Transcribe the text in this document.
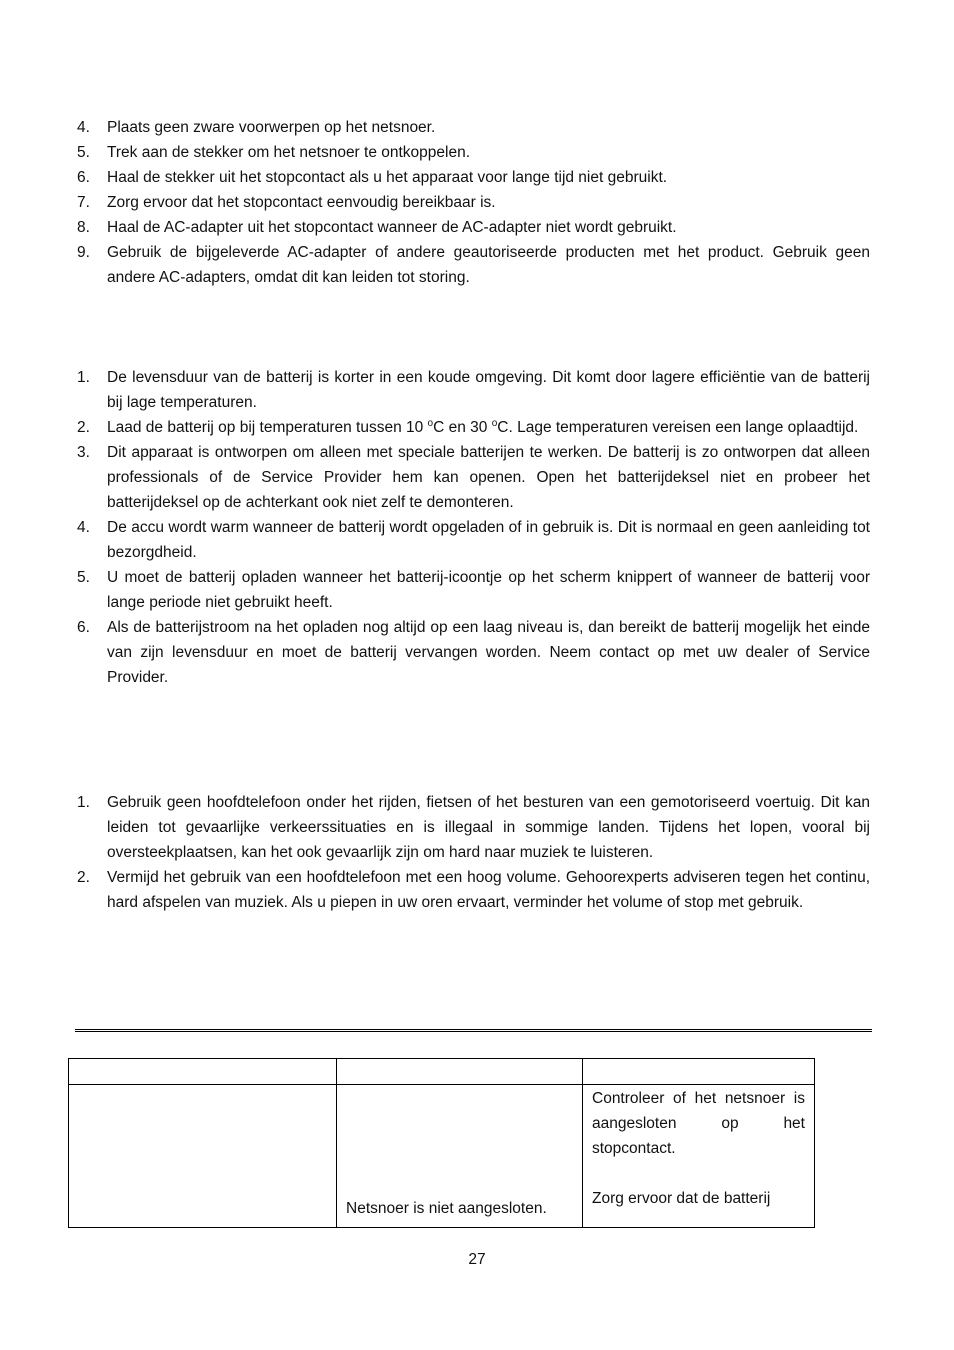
4. Plaats geen zware voorwerpen op het netsnoer.
5. Trek aan de stekker om het netsnoer te ontkoppelen.
6. Haal de stekker uit het stopcontact als u het apparaat voor lange tijd niet gebruikt.
7. Zorg ervoor dat het stopcontact eenvoudig bereikbaar is.
8. Haal de AC-adapter uit het stopcontact wanneer de AC-adapter niet wordt gebruikt.
9. Gebruik de bijgeleverde AC-adapter of andere geautoriseerde producten met het product. Gebruik geen andere AC-adapters, omdat dit kan leiden tot storing.
1. De levensduur van de batterij is korter in een koude omgeving. Dit komt door lagere efficiëntie van de batterij bij lage temperaturen.
2. Laad de batterij op bij temperaturen tussen 10 $^o$C en 30 $^o$C. Lage temperaturen vereisen een lange oplaadtijd.
3. Dit apparaat is ontworpen om alleen met speciale batterijen te werken. De batterij is zo ontworpen dat alleen professionals of de Service Provider hem kan openen. Open het batterijdeksel niet en probeer het batterijdeksel op de achterkant ook niet zelf te demonteren.
4. De accu wordt warm wanneer de batterij wordt opgeladen of in gebruik is. Dit is normaal en geen aanleiding tot bezorgdheid.
5. U moet de batterij opladen wanneer het batterij-icoontje op het scherm knippert of wanneer de batterij voor lange periode niet gebruikt heeft.
6. Als de batterijstroom na het opladen nog altijd op een laag niveau is, dan bereikt de batterij mogelijk het einde van zijn levensduur en moet de batterij vervangen worden. Neem contact op met uw dealer of Service Provider.
1. Gebruik geen hoofdtelefoon onder het rijden, fietsen of het besturen van een gemotoriseerd voertuig. Dit kan leiden tot gevaarlijke verkeerssituaties en is illegaal in sommige landen. Tijdens het lopen, vooral bij oversteekplaatsen, kan het ook gevaarlijk zijn om hard naar muziek te luisteren.
2. Vermijd het gebruik van een hoofdtelefoon met een hoog volume. Gehoorexperts adviseren tegen het continu, hard afspelen van muziek. Als u piepen in uw oren ervaart, verminder het volume of stop met gebruik.

	Netsnoer is niet aangesloten.	Controleer of het netsnoer is aangesloten op het stopcontact.
Zorg ervoor dat de batterij
27
